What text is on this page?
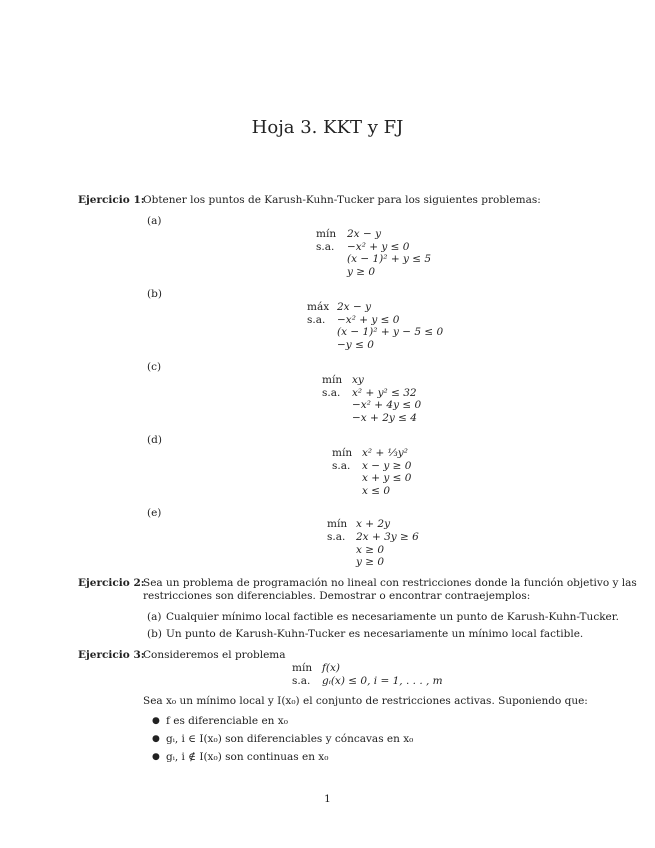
Hoja 3. KKT y FJ
Ejercicio 1:
Obtener los puntos de Karush-Kuhn-Tucker para los siguientes problemas:
(a)
mín 2x − y
s.a. −x² + y ≤ 0
(x − 1)² + y ≤ 5
y ≥ 0
(b)
máx 2x − y
s.a. −x² + y ≤ 0
(x − 1)² + y − 5 ≤ 0
−y ≤ 0
(c)
mín xy
s.a. x² + y² ≤ 32
−x² + 4y ≤ 0
−x + 2y ≤ 4
(d)
mín x² + ⅓y²
s.a. x − y ≥ 0
x + y ≤ 0
x ≤ 0
(e)
mín x + 2y
s.a. 2x + 3y ≥ 6
x ≥ 0
y ≥ 0
Ejercicio 2:
Sea un problema de programación no lineal con restricciones donde la función objetivo y las
restricciones son diferenciables. Demostrar o encontrar contraejemplos:
(a) Cualquier mínimo local factible es necesariamente un punto de Karush-Kuhn-Tucker.
(b) Un punto de Karush-Kuhn-Tucker es necesariamente un mínimo local factible.
Ejercicio 3:
Consideremos el problema
mín f(x)
s.a. gᵢ(x) ≤ 0, i = 1, . . . , m
Sea x₀ un mínimo local y I(x₀) el conjunto de restricciones activas. Suponiendo que:
● f es diferenciable en x₀
● gᵢ, i ∈ I(x₀) son diferenciables y cóncavas en x₀
● gᵢ, i ∉ I(x₀) son continuas en x₀
1
